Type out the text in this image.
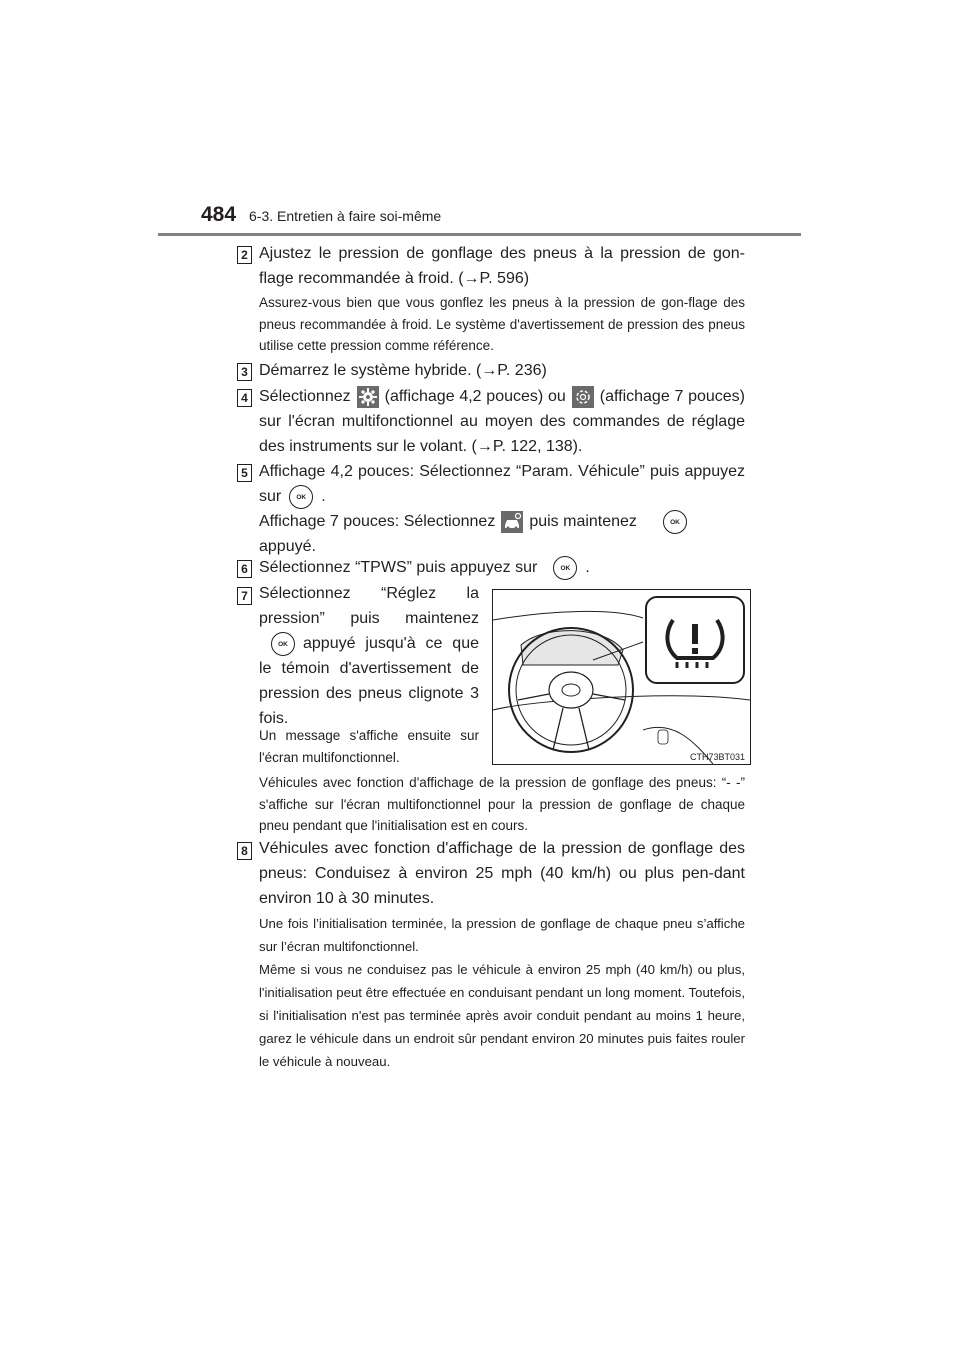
484 6-3. Entretien à faire soi-même
2 Ajustez le pression de gonflage des pneus à la pression de gon-flage recommandée à froid. (→P. 596)
Assurez-vous bien que vous gonflez les pneus à la pression de gon-flage des pneus recommandée à froid. Le système d'avertissement de pression des pneus utilise cette pression comme référence.
3 Démarrez le système hybride. (→P. 236)
4 Sélectionnez (affichage 4,2 pouces) ou (affichage 7 pouces) sur l'écran multifonctionnel au moyen des commandes de réglage des instruments sur le volant. (→P. 122, 138).
5 Affichage 4,2 pouces: Sélectionnez “Param. Véhicule” puis appuyez sur OK .
Affichage 7 pouces: Sélectionnez puis maintenez	OK
appuyé.
6 Sélectionnez “TPWS” puis appuyez sur	OK .
7 Sélectionnez “Réglez la pression” puis maintenezOK appuyé jusqu'à ce que le témoin d'avertissement de pression des pneus clignote 3 fois.
Un message s'affiche ensuite sur l'écran multifonctionnel.
Véhicules avec fonction d'affichage de la pression de gonflage des pneus: “- -” s'affiche sur l'écran multifonctionnel pour la pression de gonflage de chaque pneu pendant que l'initialisation est en cours.
CTH73BT031
8 Véhicules avec fonction d'affichage de la pression de gonflage des pneus: Conduisez à environ 25 mph (40 km/h) ou plus pen-dant environ 10 à 30 minutes.
Une fois l’initialisation terminée, la pression de gonflage de chaque pneu s’affiche sur l’écran multifonctionnel.
Même si vous ne conduisez pas le véhicule à environ 25 mph (40 km/h) ou plus, l'initialisation peut être effectuée en conduisant pendant un long moment. Toutefois, si l'initialisation n'est pas terminée après avoir conduit pendant au moins 1 heure, garez le véhicule dans un endroit sûr pendant environ 20 minutes puis faites rouler le véhicule à nouveau.
